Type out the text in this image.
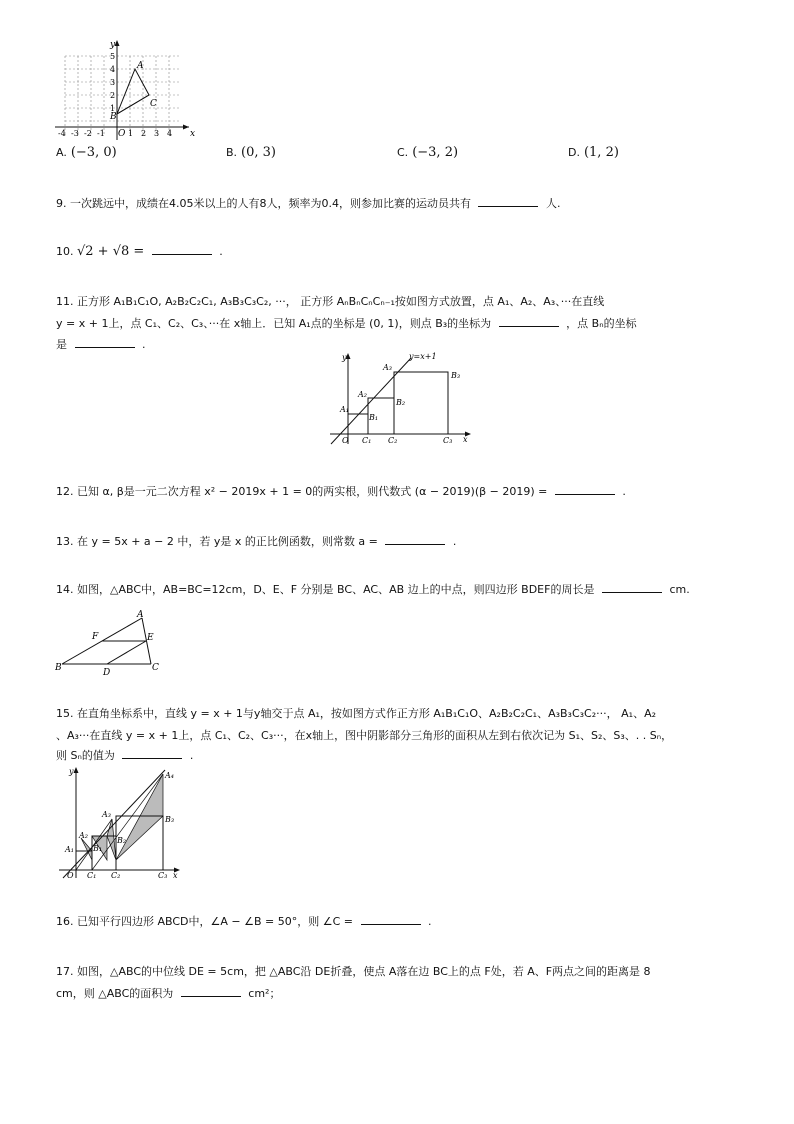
A
B
C
O
y
x
5
4
3
2
1
-4 -3 -2 -1	1 2 3 4
A. (−3, 0)	B. (0, 3)	C. (−3, 2)	D. (1, 2)
9. 一次跳远中，成绩在4.05米以上的人有8人，频率为0.4，则参加比赛的运动员共有	人.
10. √2 + √8 =	.
11. 正方形 A₁B₁C₁O, A₂B₂C₂C₁, A₃B₃C₃C₂, ···， 正方形 AₙBₙCₙCₙ₋₁按如图方式放置，点 A₁、A₂、A₃、···在直线
y = x + 1上，点 C₁、C₂、C₃、···在 x轴上．已知 A₁点的坐标是 (0, 1)，则点 B₃的坐标为	，点 Bₙ的坐标
是	.
y=x+1
y
x
O
A₁
A₂
A₃
B₁
B₂
B₃
C₁ C₂	C₃
12. 已知 α, β是一元二次方程 x² − 2019x + 1 = 0的两实根，则代数式 (α − 2019)(β − 2019) =	.
13. 在 y = 5x + a − 2 中，若 y是 x 的正比例函数，则常数 a =	.
14. 如图，△ABC中，AB=BC=12cm，D、E、F 分别是 BC、AC、AB 边上的中点，则四边形 BDEF的周长是	cm.
A
B	C
D
E
F
15. 在直角坐标系中，直线 y = x + 1与y轴交于点 A₁，按如图方式作正方形 A₁B₁C₁O、A₂B₂C₂C₁、A₃B₃C₃C₂···， A₁、A₂
、A₃···在直线 y = x + 1上，点 C₁、C₂、C₃···，在x轴上，图中阴影部分三角形的面积从左到右依次记为 S₁、S₂、S₃、. . Sₙ，
则 Sₙ的值为	.
y
x
O
A₁
A₂
A₃
A₄
B₁
B₂
B₃
C₁ C₂	C₃
16. 已知平行四边形 ABCD中，∠A − ∠B = 50°，则 ∠C =	.
17. 如图，△ABC的中位线 DE = 5cm，把 △ABC沿 DE折叠，使点 A落在边 BC上的点 F处，若 A、F两点之间的距离是 8
cm，则 △ABC的面积为	cm²；
